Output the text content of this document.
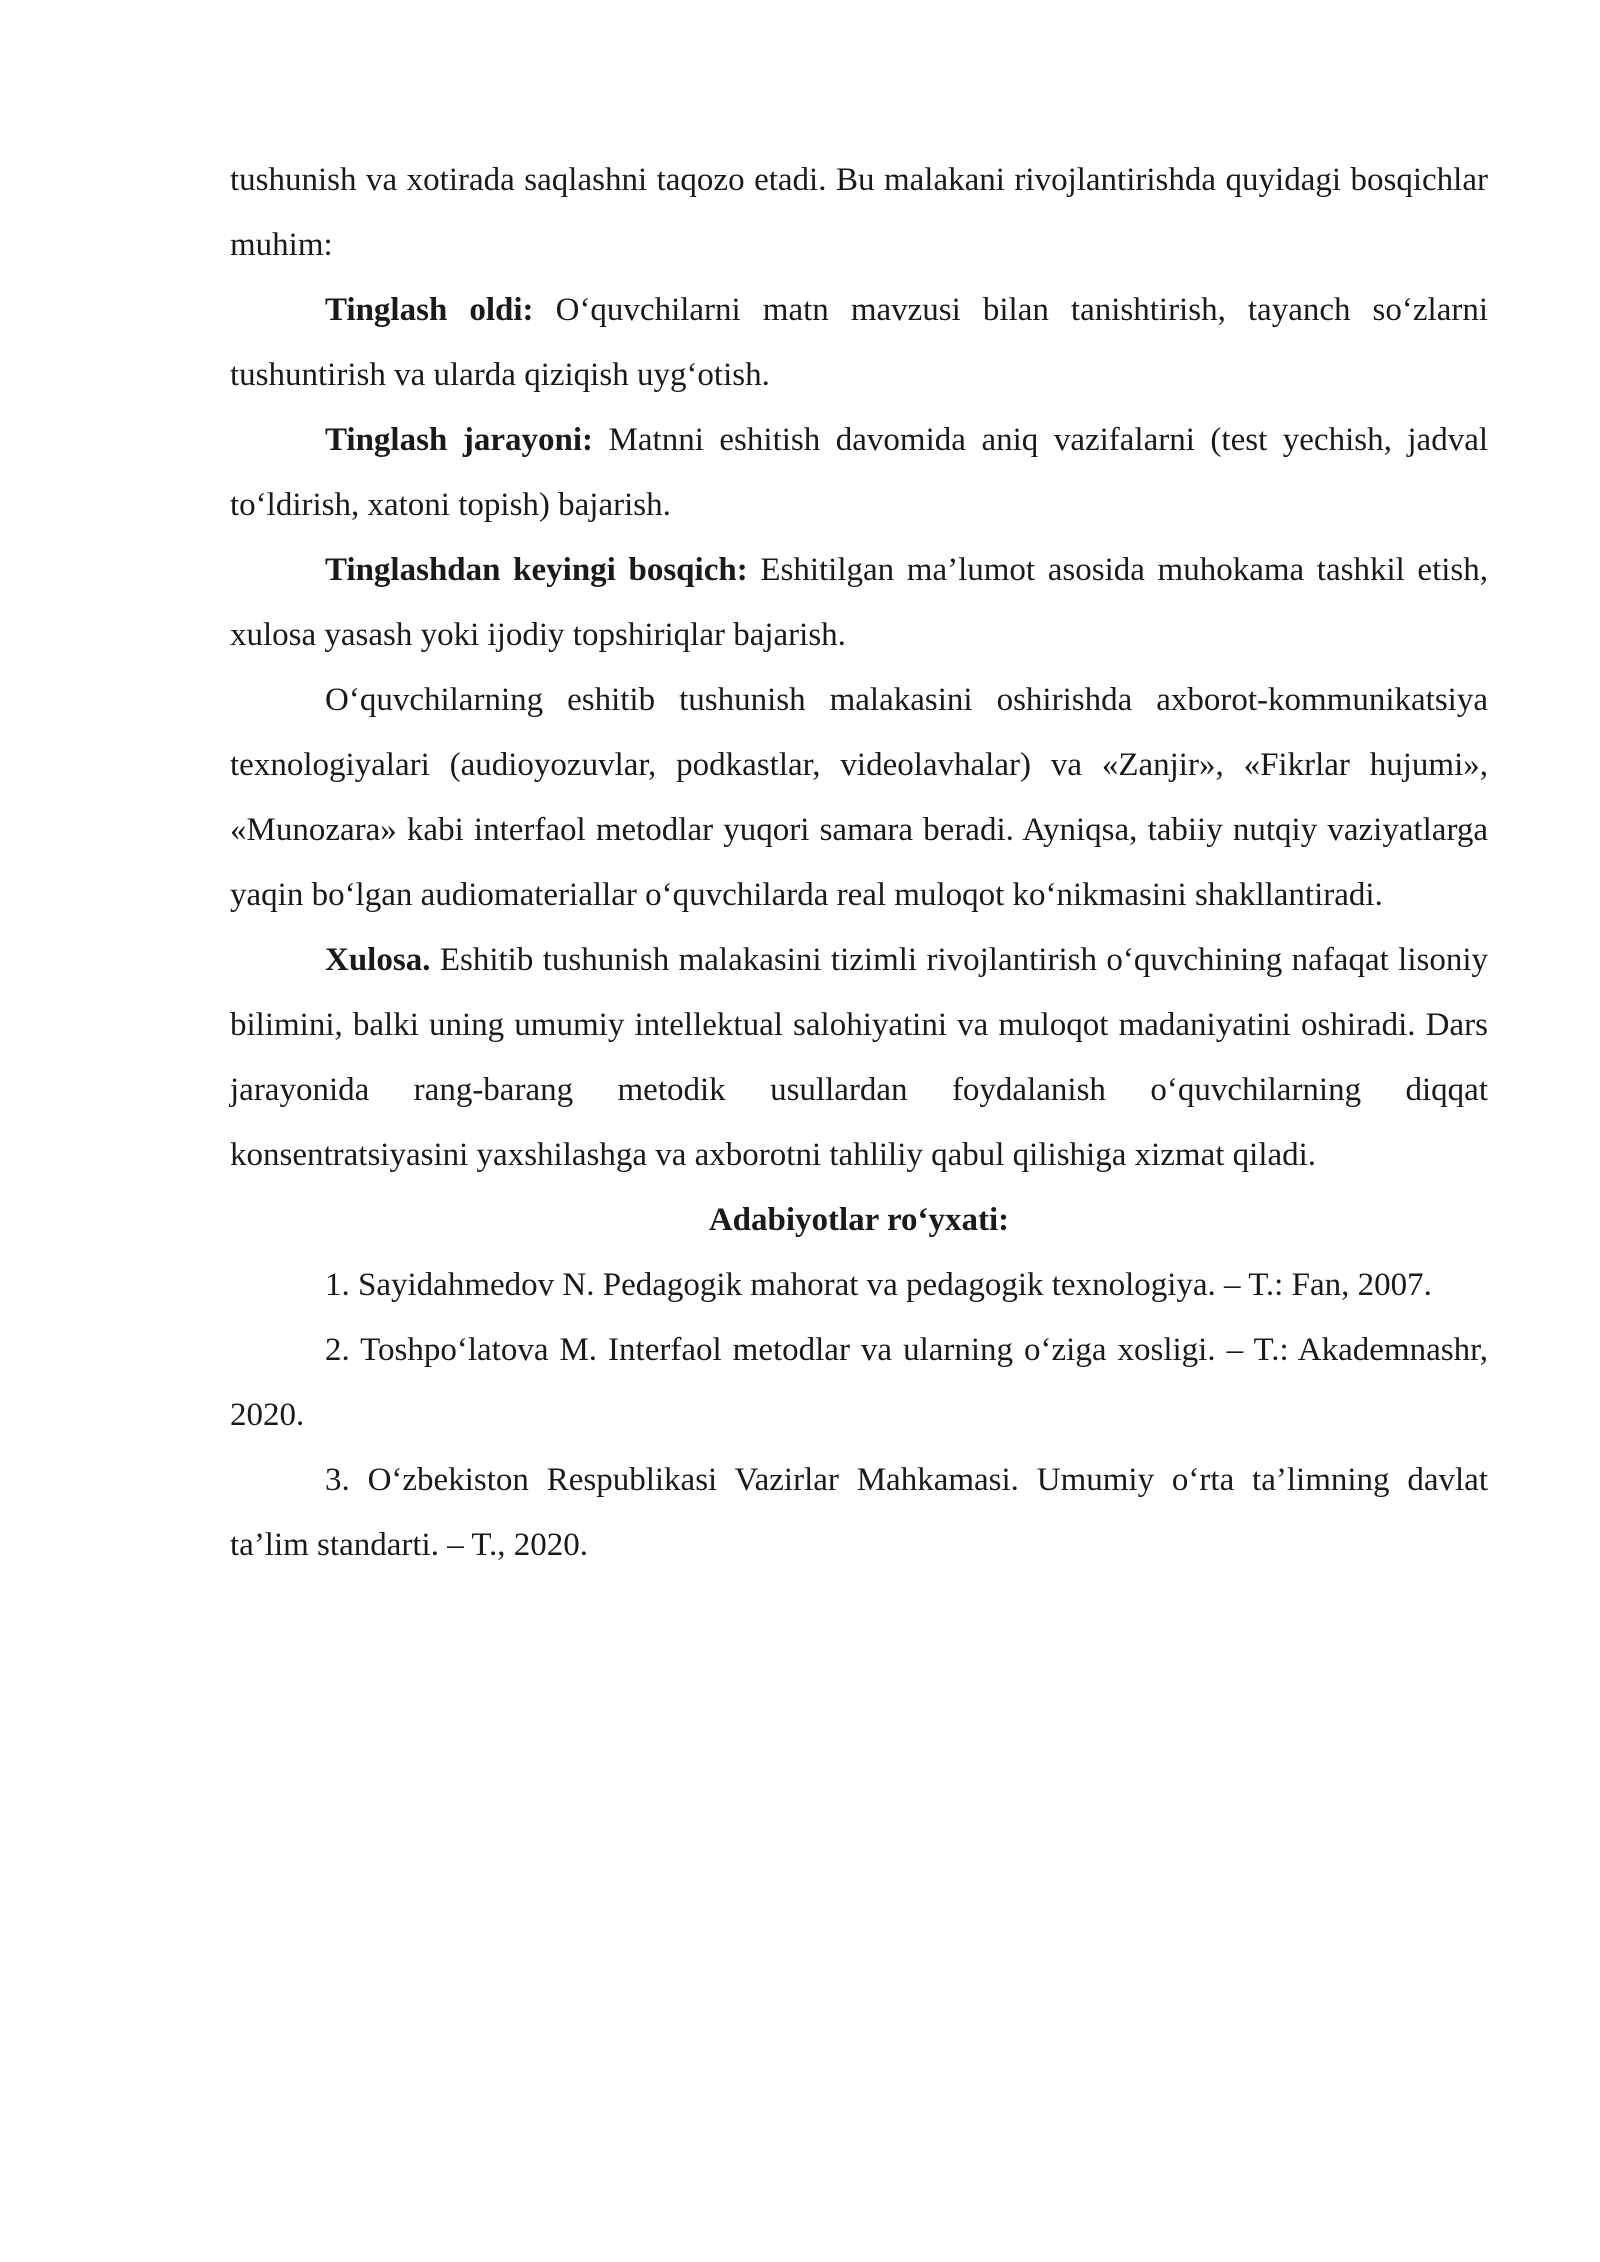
tushunish va xotirada saqlashni taqozo etadi. Bu malakani rivojlantirishda quyidagi bosqichlar muhim:

Tinglash oldi: O‘quvchilarni matn mavzusi bilan tanishtirish, tayanch so‘zlarni tushuntirish va ularda qiziqish uyg‘otish.

Tinglash jarayoni: Matnni eshitish davomida aniq vazifalarni (test yechish, jadval to‘ldirish, xatoni topish) bajarish.

Tinglashdan keyingi bosqich: Eshitilgan ma’lumot asosida muhokama tashkil etish, xulosa yasash yoki ijodiy topshiriqlar bajarish.

O‘quvchilarning eshitib tushunish malakasini oshirishda axborot-kommunikatsiya texnologiyalari (audioyozuvlar, podkastlar, videolavhalar) va «Zanjir», «Fikrlar hujumi», «Munozara» kabi interfaol metodlar yuqori samara beradi. Ayniqsa, tabiiy nutqiy vaziyatlarga yaqin bo‘lgan audiomateriallar o‘quvchilarda real muloqot ko‘nikmasini shakllantiradi.

Xulosa. Eshitib tushunish malakasini tizimli rivojlantirish o‘quvchining nafaqat lisoniy bilimini, balki uning umumiy intellektual salohiyatini va muloqot madaniyatini oshiradi. Dars jarayonida rang-barang metodik usullardan foydalanish o‘quvchilarning diqqat konsentratsiyasini yaxshilashga va axborotni tahliliy qabul qilishiga xizmat qiladi.

Adabiyotlar ro‘yxati:

1. Sayidahmedov N. Pedagogik mahorat va pedagogik texnologiya. – T.: Fan, 2007.

2. Toshpo‘latova M. Interfaol metodlar va ularning o‘ziga xosligi. – T.: Akademnashr, 2020.

3. O‘zbekiston Respublikasi Vazirlar Mahkamasi. Umumiy o‘rta ta’limning davlat ta’lim standarti. – T., 2020.
